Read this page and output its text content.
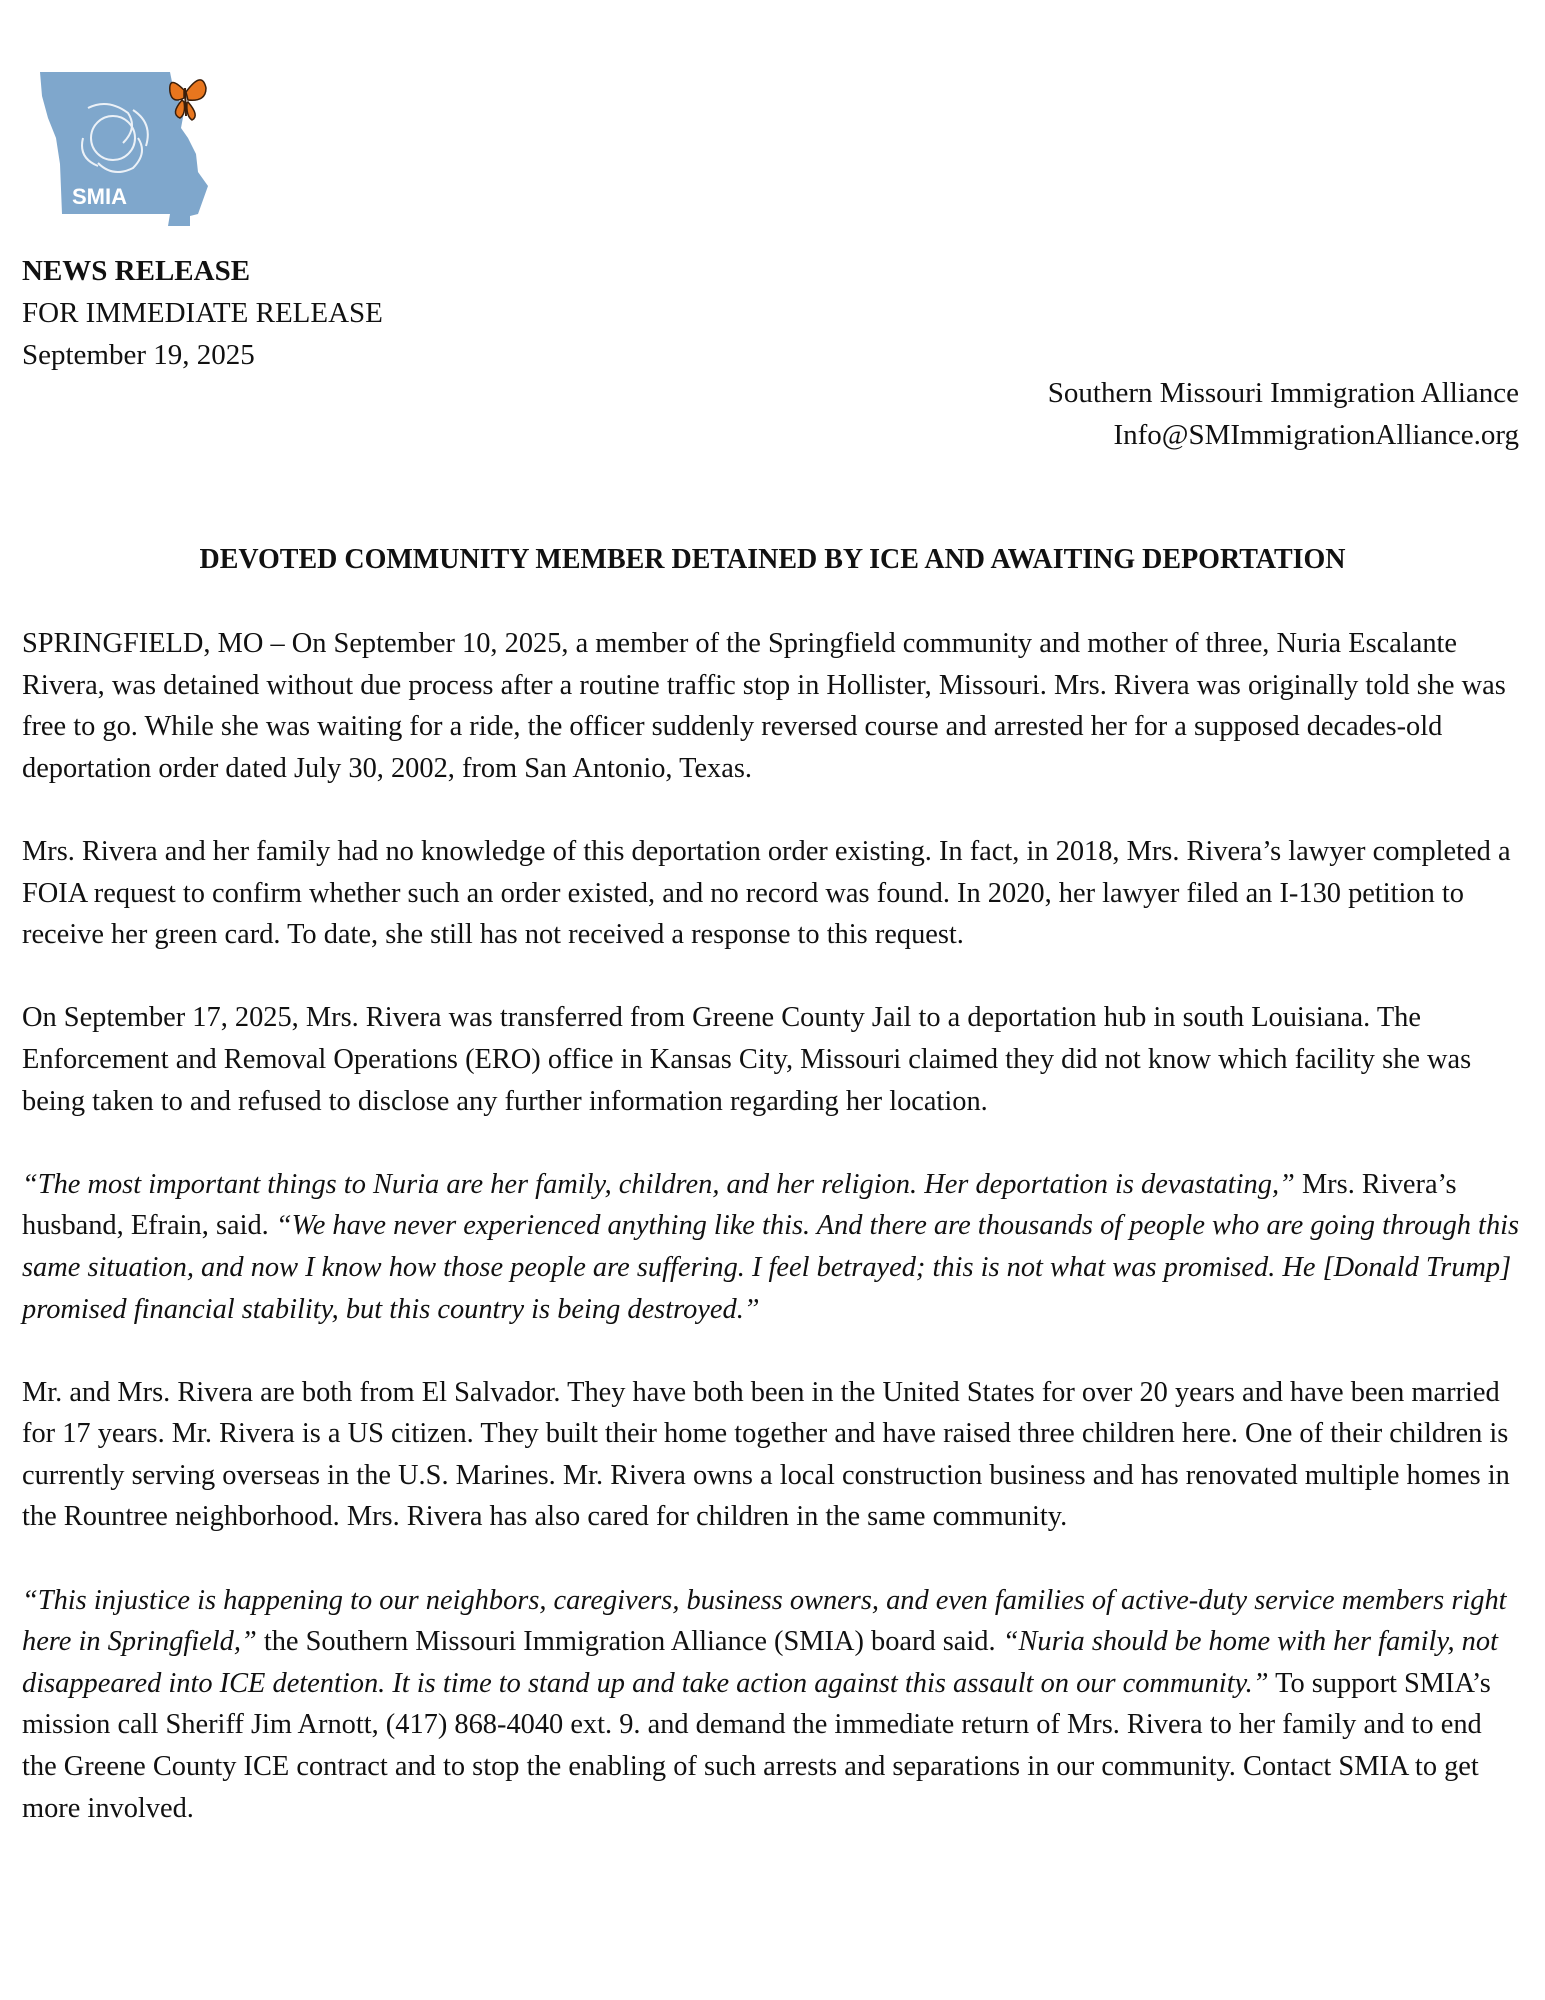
SMIA
NEWS RELEASE
FOR IMMEDIATE RELEASE
September 19, 2025
Southern Missouri Immigration Alliance
Info@SMImmigrationAlliance.org
DEVOTED COMMUNITY MEMBER DETAINED BY ICE AND AWAITING DEPORTATION

SPRINGFIELD, MO – On September 10, 2025, a member of the Springfield community and mother of three, Nuria Escalante Rivera, was detained without due process after a routine traffic stop in Hollister, Missouri. Mrs. Rivera was originally told she was free to go. While she was waiting for a ride, the officer suddenly reversed course and arrested her for a supposed decades-old deportation order dated July 30, 2002, from San Antonio, Texas.

Mrs. Rivera and her family had no knowledge of this deportation order existing. In fact, in 2018, Mrs. Rivera’s lawyer completed a FOIA request to confirm whether such an order existed, and no record was found. In 2020, her lawyer filed an I-130 petition to receive her green card. To date, she still has not received a response to this request.

On September 17, 2025, Mrs. Rivera was transferred from Greene County Jail to a deportation hub in south Louisiana. The Enforcement and Removal Operations (ERO) office in Kansas City, Missouri claimed they did not know which facility she was being taken to and refused to disclose any further information regarding her location.

“The most important things to Nuria are her family, children, and her religion. Her deportation is devastating,” Mrs. Rivera’s husband, Efrain, said. “We have never experienced anything like this. And there are thousands of people who are going through this same situation, and now I know how those people are suffering. I feel betrayed; this is not what was promised. He [Donald Trump] promised financial stability, but this country is being destroyed.”

Mr. and Mrs. Rivera are both from El Salvador. They have both been in the United States for over 20 years and have been married for 17 years. Mr. Rivera is a US citizen. They built their home together and have raised three children here. One of their children is currently serving overseas in the U.S. Marines. Mr. Rivera owns a local construction business and has renovated multiple homes in the Rountree neighborhood. Mrs. Rivera has also cared for children in the same community.

“This injustice is happening to our neighbors, caregivers, business owners, and even families of active-duty service members right here in Springfield,” the Southern Missouri Immigration Alliance (SMIA) board said. “Nuria should be home with her family, not disappeared into ICE detention. It is time to stand up and take action against this assault on our community.” To support SMIA’s mission call Sheriff Jim Arnott, (417) 868-4040 ext. 9. and demand the immediate return of Mrs. Rivera to her family and to end the Greene County ICE contract and to stop the enabling of such arrests and separations in our community. Contact SMIA to get more involved.
